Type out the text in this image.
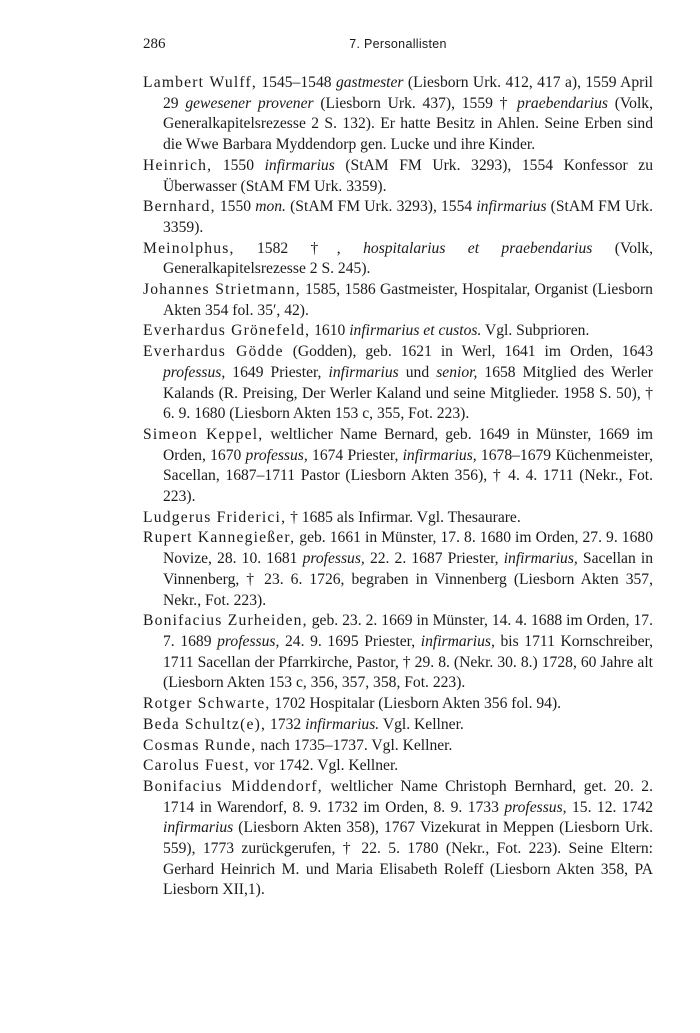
286	7. Personallisten

Lambert Wulff, 1545–1548 gastmester (Liesborn Urk. 412, 417 a), 1559 April 29 gewesener provener (Liesborn Urk. 437), 1559 † praebendarius (Volk, Generalkapitelsrezesse 2 S. 132). Er hatte Besitz in Ahlen. Seine Erben sind die Wwe Barbara Myddendorp gen. Lucke und ihre Kinder.

Heinrich, 1550 infirmarius (StAM FM Urk. 3293), 1554 Konfessor zu Überwasser (StAM FM Urk. 3359).

Bernhard, 1550 mon. (StAM FM Urk. 3293), 1554 infirmarius (StAM FM Urk. 3359).

Meinolphus, 1582 †, hospitalarius et praebendarius (Volk, Generalkapitelsrezesse 2 S. 245).

Johannes Strietmann, 1585, 1586 Gastmeister, Hospitalar, Organist (Liesborn Akten 354 fol. 35′, 42).

Everhardus Grönefeld, 1610 infirmarius et custos. Vgl. Subprioren.

Everhardus Gödde (Godden), geb. 1621 in Werl, 1641 im Orden, 1643 professus, 1649 Priester, infirmarius und senior, 1658 Mitglied des Werler Kalands (R. Preising, Der Werler Kaland und seine Mitglieder. 1958 S. 50), † 6. 9. 1680 (Liesborn Akten 153 c, 355, Fot. 223).

Simeon Keppel, weltlicher Name Bernard, geb. 1649 in Münster, 1669 im Orden, 1670 professus, 1674 Priester, infirmarius, 1678–1679 Küchenmeister, Sacellan, 1687–1711 Pastor (Liesborn Akten 356), † 4. 4. 1711 (Nekr., Fot. 223).

Ludgerus Friderici, † 1685 als Infirmar. Vgl. Thesaurare.

Rupert Kannegießer, geb. 1661 in Münster, 17. 8. 1680 im Orden, 27. 9. 1680 Novize, 28. 10. 1681 professus, 22. 2. 1687 Priester, infirmarius, Sacellan in Vinnenberg, † 23. 6. 1726, begraben in Vinnenberg (Liesborn Akten 357, Nekr., Fot. 223).

Bonifacius Zurheiden, geb. 23. 2. 1669 in Münster, 14. 4. 1688 im Orden, 17. 7. 1689 professus, 24. 9. 1695 Priester, infirmarius, bis 1711 Kornschreiber, 1711 Sacellan der Pfarrkirche, Pastor, † 29. 8. (Nekr. 30. 8.) 1728, 60 Jahre alt (Liesborn Akten 153 c, 356, 357, 358, Fot. 223).

Rotger Schwarte, 1702 Hospitalar (Liesborn Akten 356 fol. 94).

Beda Schultz(e), 1732 infirmarius. Vgl. Kellner.

Cosmas Runde, nach 1735–1737. Vgl. Kellner.

Carolus Fuest, vor 1742. Vgl. Kellner.

Bonifacius Middendorf, weltlicher Name Christoph Bernhard, get. 20. 2. 1714 in Warendorf, 8. 9. 1732 im Orden, 8. 9. 1733 professus, 15. 12. 1742 infirmarius (Liesborn Akten 358), 1767 Vizekurat in Meppen (Liesborn Urk. 559), 1773 zurückgerufen, † 22. 5. 1780 (Nekr., Fot. 223). Seine Eltern: Gerhard Heinrich M. und Maria Elisabeth Roleff (Liesborn Akten 358, PA Liesborn XII,1).
